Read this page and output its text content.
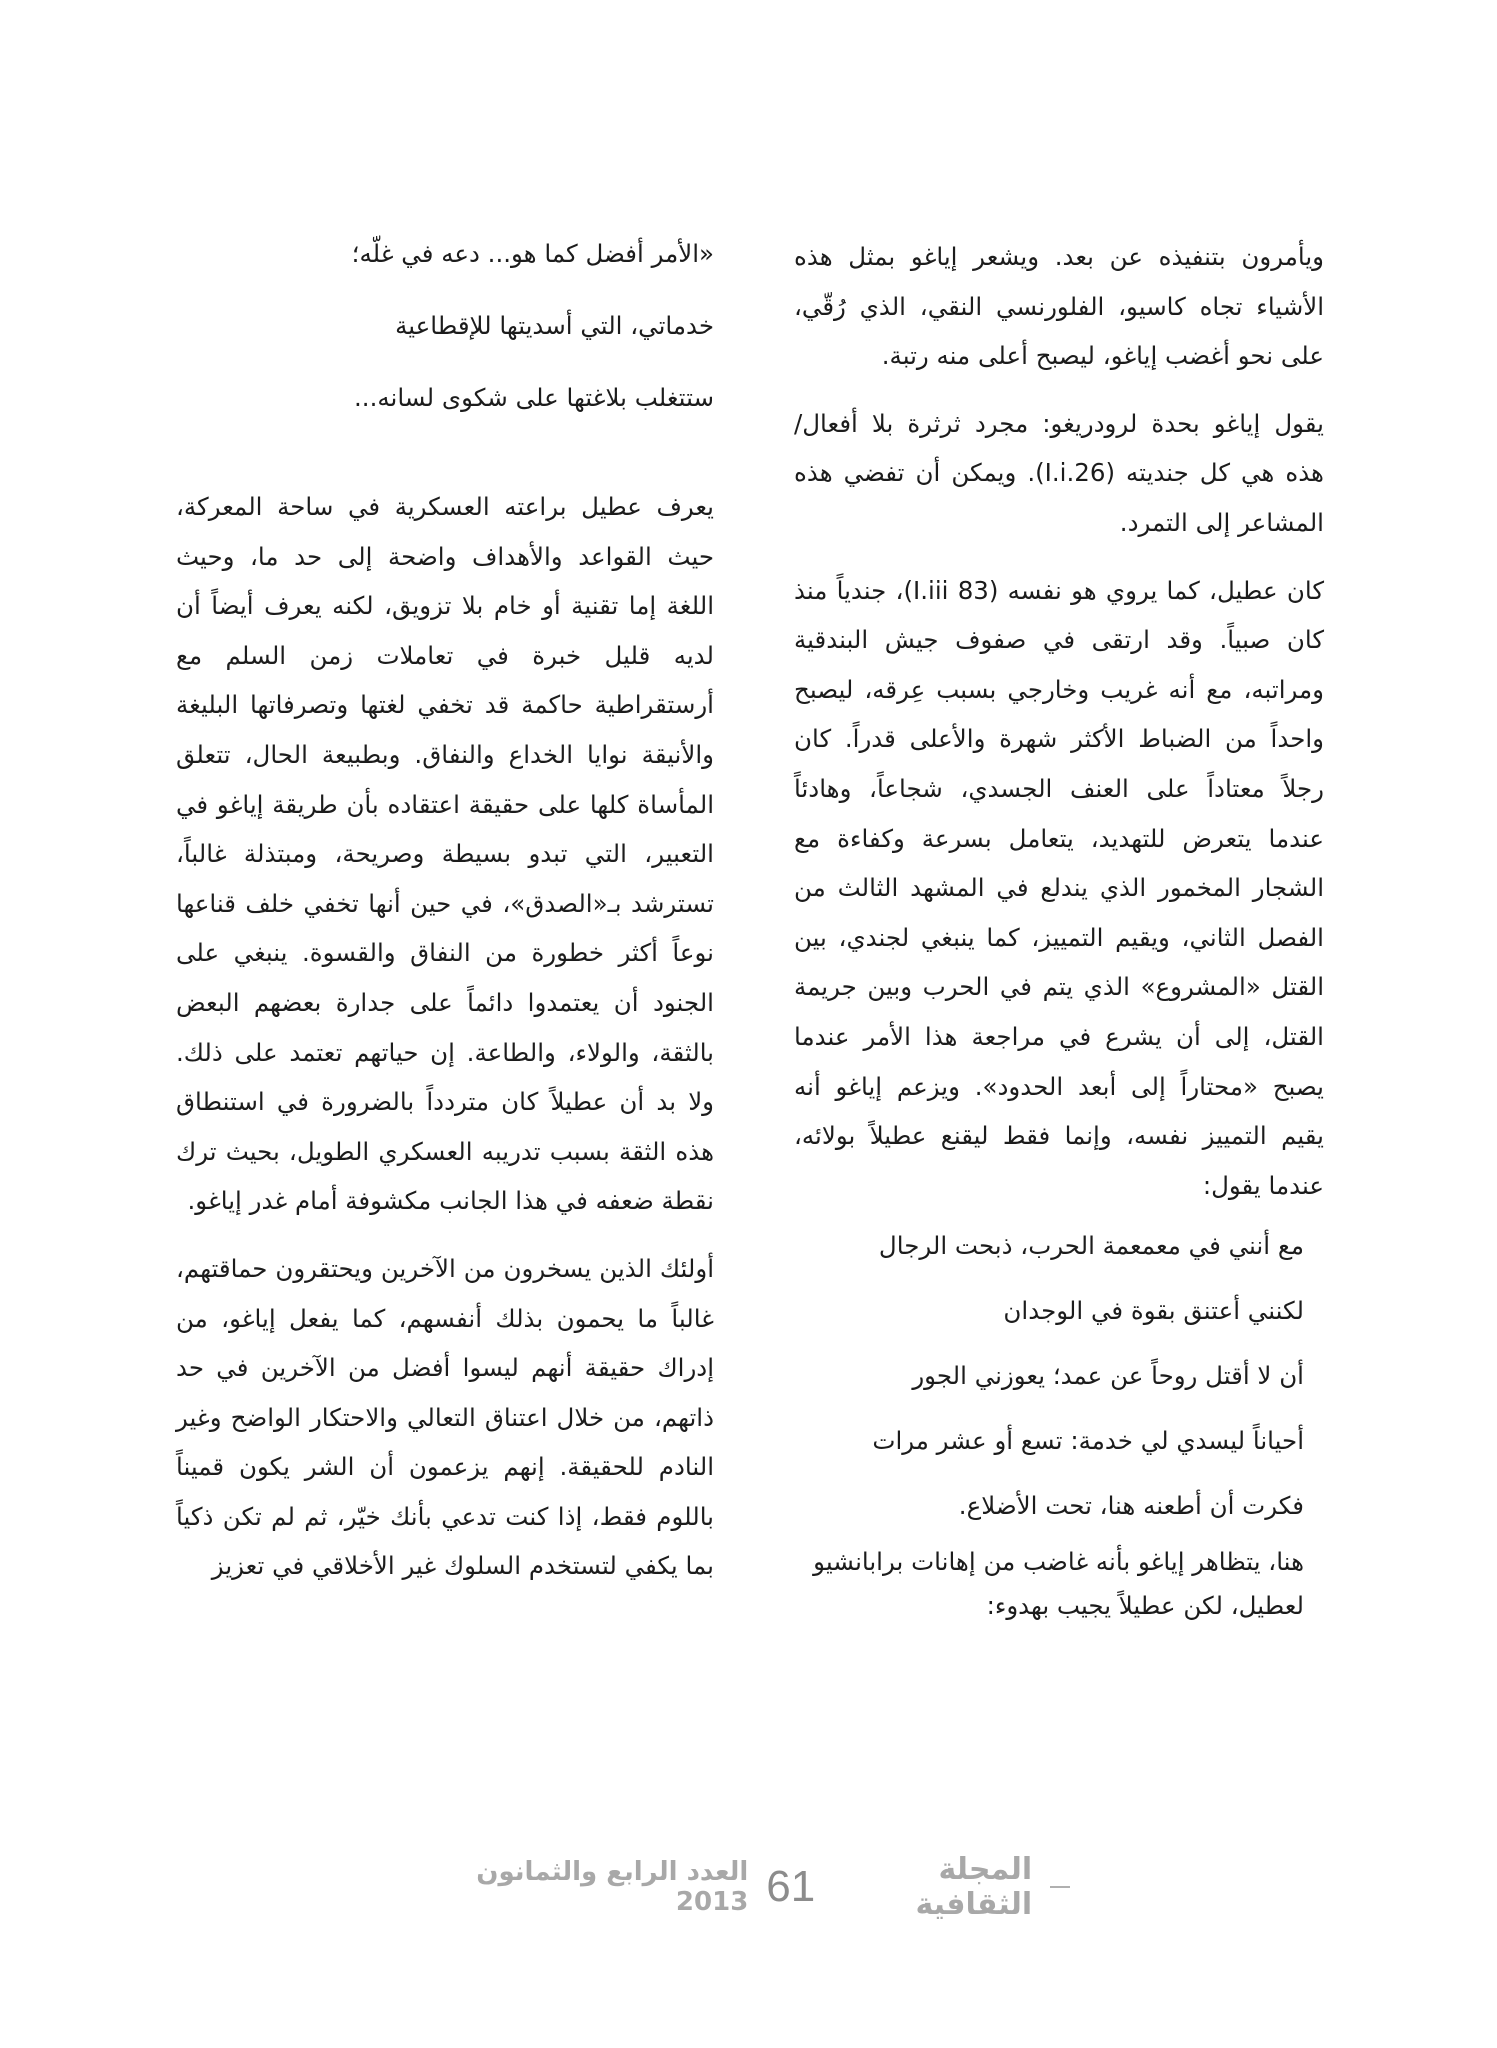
ويأمرون بتنفيذه عن بعد. ويشعر إياغو بمثل هذه الأشياء تجاه كاسيو، الفلورنسي النقي، الذي رُقّي، على نحو أغضب إياغو، ليصبح أعلى منه رتبة.

يقول إياغو بحدة لرودريغو: مجرد ثرثرة بلا أفعال/ هذه هي كل جنديته (I.i.26). ويمكن أن تفضي هذه المشاعر إلى التمرد.

كان عطيل، كما يروي هو نفسه (I.iii 83)، جندياً منذ كان صبياً. وقد ارتقى في صفوف جيش البندقية ومراتبه، مع أنه غريب وخارجي بسبب عِرقه، ليصبح واحداً من الضباط الأكثر شهرة والأعلى قدراً. كان رجلاً معتاداً على العنف الجسدي، شجاعاً، وهادئاً عندما يتعرض للتهديد، يتعامل بسرعة وكفاءة مع الشجار المخمور الذي يندلع في المشهد الثالث من الفصل الثاني، ويقيم التمييز، كما ينبغي لجندي، بين القتل «المشروع» الذي يتم في الحرب وبين جريمة القتل، إلى أن يشرع في مراجعة هذا الأمر عندما يصبح «محتاراً إلى أبعد الحدود». ويزعم إياغو أنه يقيم التمييز نفسه، وإنما فقط ليقنع عطيلاً بولائه، عندما يقول:

مع أنني في معمعمة الحرب، ذبحت الرجال

لكنني أعتنق بقوة في الوجدان

أن لا أقتل روحاً عن عمد؛ يعوزني الجور

أحياناً ليسدي لي خدمة: تسع أو عشر مرات

فكرت أن أطعنه هنا، تحت الأضلاع.

هنا، يتظاهر إياغو بأنه غاضب من إهانات برابانشيو لعطيل، لكن عطيلاً يجيب بهدوء:

«الأمر أفضل كما هو... دعه في غلّه؛

خدماتي، التي أسديتها للإقطاعية

ستتغلب بلاغتها على شكوى لسانه...

يعرف عطيل براعته العسكرية في ساحة المعركة، حيث القواعد والأهداف واضحة إلى حد ما، وحيث اللغة إما تقنية أو خام بلا تزويق، لكنه يعرف أيضاً أن لديه قليل خبرة في تعاملات زمن السلم مع أرستقراطية حاكمة قد تخفي لغتها وتصرفاتها البليغة والأنيقة نوايا الخداع والنفاق. وبطبيعة الحال، تتعلق المأساة كلها على حقيقة اعتقاده بأن طريقة إياغو في التعبير، التي تبدو بسيطة وصريحة، ومبتذلة غالباً، تسترشد بـ«الصدق»، في حين أنها تخفي خلف قناعها نوعاً أكثر خطورة من النفاق والقسوة. ينبغي على الجنود أن يعتمدوا دائماً على جدارة بعضهم البعض بالثقة، والولاء، والطاعة. إن حياتهم تعتمد على ذلك. ولا بد أن عطيلاً كان متردداً بالضرورة في استنطاق هذه الثقة بسبب تدريبه العسكري الطويل، بحيث ترك نقطة ضعفه في هذا الجانب مكشوفة أمام غدر إياغو.

أولئك الذين يسخرون من الآخرين ويحتقرون حماقتهم، غالباً ما يحمون بذلك أنفسهم، كما يفعل إياغو، من إدراك حقيقة أنهم ليسوا أفضل من الآخرين في حد ذاتهم، من خلال اعتناق التعالي والاحتكار الواضح وغير النادم للحقيقة. إنهم يزعمون أن الشر يكون قميناً باللوم فقط، إذا كنت تدعي بأنك خيّر، ثم لم تكن ذكياً بما يكفي لتستخدم السلوك غير الأخلاقي في تعزيز

المجلة الثقافية
61
العدد الرابع والثمانون 2013
